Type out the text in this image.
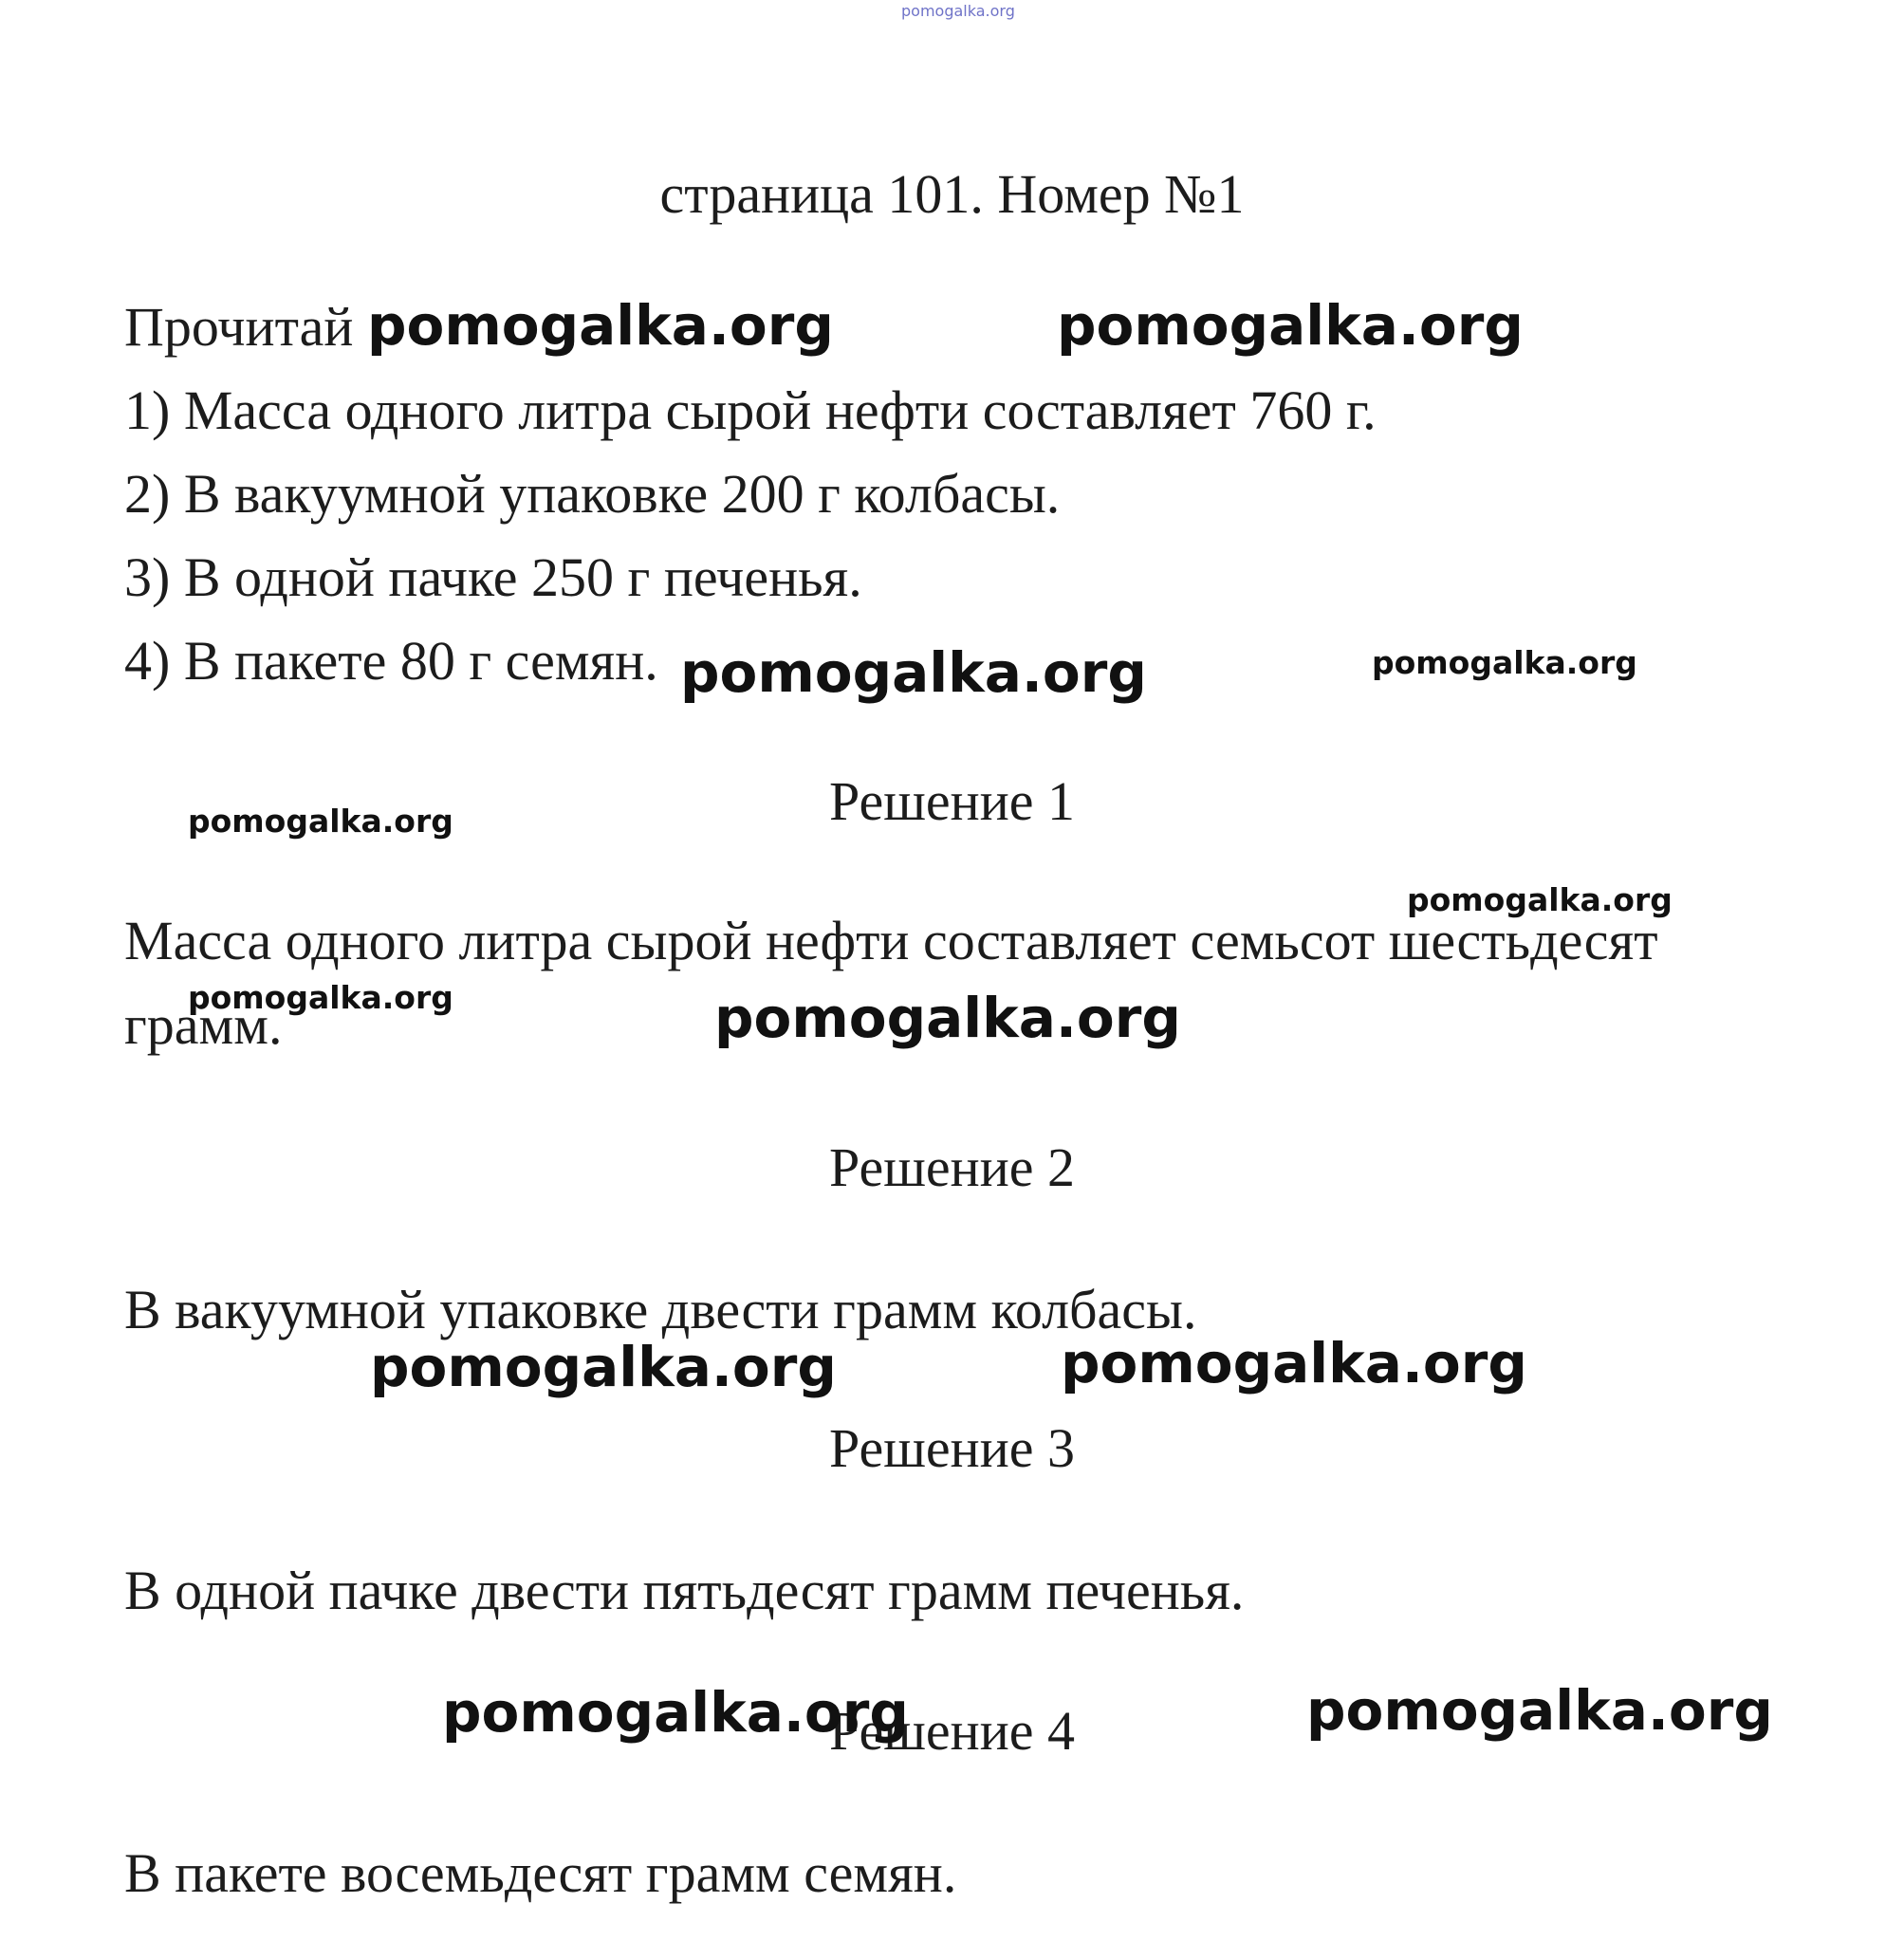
pomogalka.org
страница 101. Номер №1
Прочитай
1) Масса одного литра сырой нефти составляет 760 г.
2) В вакуумной упаковке 200 г колбасы.
3) В одной пачке 250 г печенья.
4) В пакете 80 г семян.
Решение 1
Масса одного литра сырой нефти составляет семьсот шестьдесят
грамм.
Решение 2
В вакуумной упаковке двести грамм колбасы.
Решение 3
В одной пачке двести пятьдесят грамм печенья.
Решение 4
В пакете восемьдесят грамм семян.
pomogalka.org	pomogalka.org
pomogalka.org	pomogalka.org
pomogalka.org
pomogalka.org
pomogalka.org	pomogalka.org
pomogalka.org	pomogalka.org
pomogalka.org	pomogalka.org
